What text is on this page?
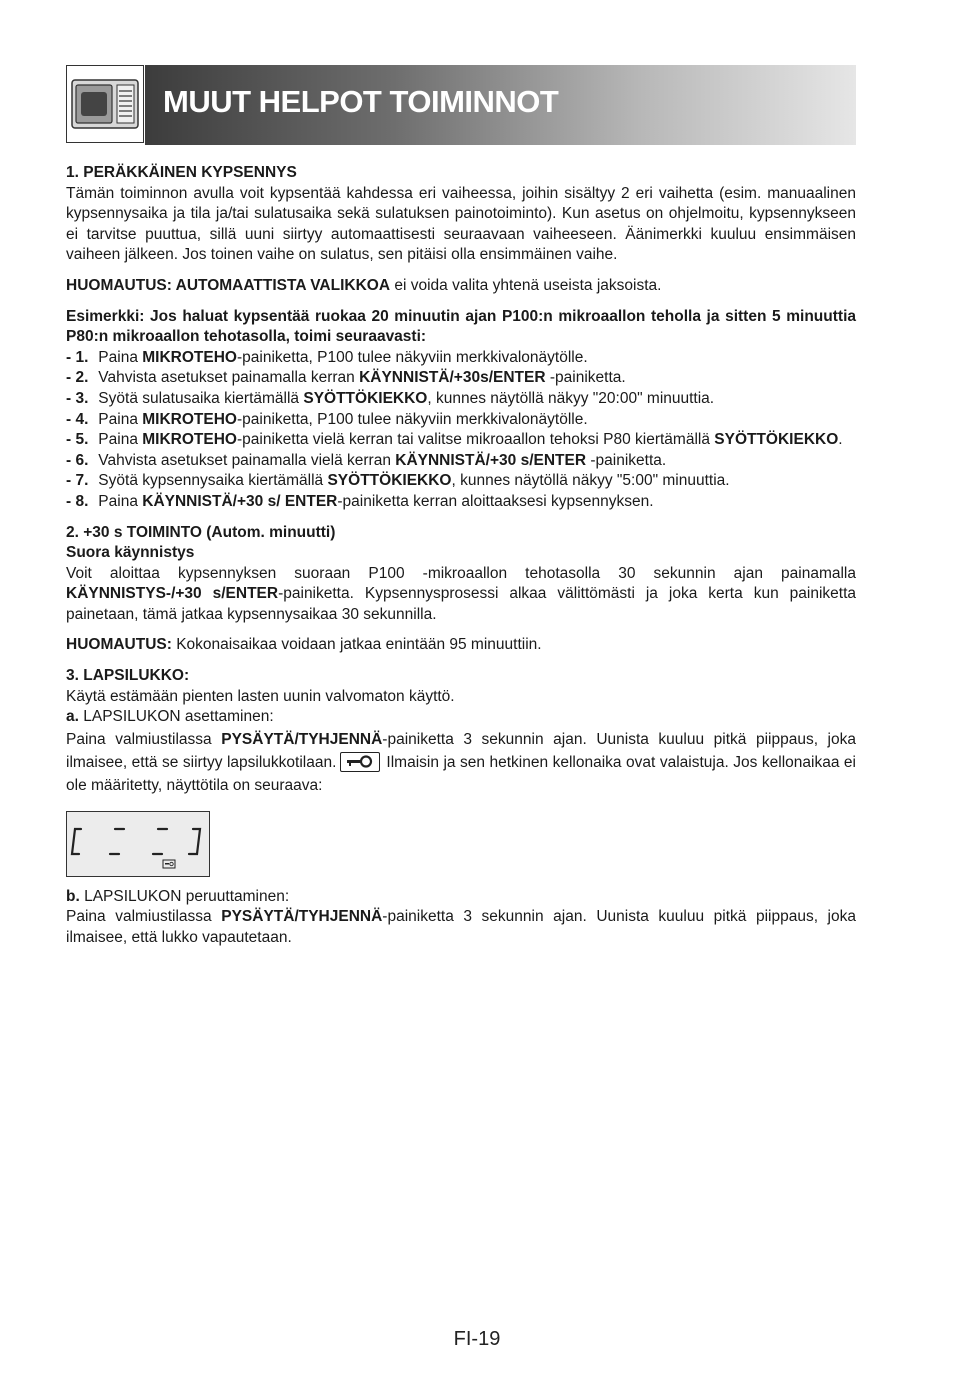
MUUT HELPOT TOIMINNOT

1. PERÄKKÄINEN KYPSENNYS

Tämän toiminnon avulla voit kypsentää kahdessa eri vaiheessa, joihin sisältyy 2 eri vaihetta (esim. manuaalinen kypsennysaika ja tila ja/tai sulatusaika sekä sulatuksen painotoiminto). Kun asetus on ohjelmoitu, kypsennykseen ei tarvitse puuttua, sillä uuni siirtyy automaattisesti seuraavaan vaiheeseen. Äänimerkki kuuluu ensimmäisen vaiheen jälkeen. Jos toinen vaihe on sulatus, sen pitäisi olla ensimmäinen vaihe.

HUOMAUTUS: AUTOMAATTISTA VALIKKOA ei voida valita yhtenä useista jaksoista.

Esimerkki: Jos haluat kypsentää ruokaa 20 minuutin ajan P100:n mikroaallon teholla ja sitten 5 minuuttia P80:n mikroaallon tehotasolla, toimi seuraavasti:

- 1. Paina MIKROTEHO-painiketta, P100 tulee näkyviin merkkivalonäytölle.

- 2. Vahvista asetukset painamalla kerran KÄYNNISTÄ/+30s/ENTER -painiketta.

- 3. Syötä sulatusaika kiertämällä SYÖTTÖKIEKKO, kunnes näytöllä näkyy "20:00" minuuttia.

- 4. Paina MIKROTEHO-painiketta, P100 tulee näkyviin merkkivalonäytölle.

- 5. Paina MIKROTEHO-painiketta vielä kerran tai valitse mikroaallon tehoksi P80 kiertämällä SYÖTTÖKIEKKO.

- 6. Vahvista asetukset painamalla vielä kerran KÄYNNISTÄ/+30 s/ENTER -painiketta.

- 7. Syötä kypsennysaika kiertämällä SYÖTTÖKIEKKO, kunnes näytöllä näkyy "5:00" minuuttia.

- 8. Paina KÄYNNISTÄ/+30 s/ ENTER-painiketta kerran aloittaaksesi kypsennyksen.

2. +30 s TOIMINTO (Autom. minuutti)

Suora käynnistys

Voit aloittaa kypsennyksen suoraan P100 -mikroaallon tehotasolla 30 sekunnin ajan painamalla KÄYNNISTYS-/+30 s/ENTER-painiketta. Kypsennysprosessi alkaa välittömästi ja joka kerta kun painiketta painetaan, tämä jatkaa kypsennysaikaa 30 sekunnilla.

HUOMAUTUS: Kokonaisaikaa voidaan jatkaa enintään 95 minuuttiin.

3. LAPSILUKKO:

Käytä estämään pienten lasten uunin valvomaton käyttö.

a. LAPSILUKON asettaminen:

Paina valmiustilassa PYSÄYTÄ/TYHJENNÄ-painiketta 3 sekunnin ajan. Uunista kuuluu pitkä piippaus, joka ilmaisee, että se siirtyy lapsilukkotilaan.	Ilmaisin ja sen hetkinen kellonaika ovat valaistuja. Jos kellonaikaa ei ole määritetty, näyttötila on seuraava:

b. LAPSILUKON peruuttaminen:

Paina valmiustilassa PYSÄYTÄ/TYHJENNÄ-painiketta 3 sekunnin ajan. Uunista kuuluu pitkä piippaus, joka ilmaisee, että lukko vapautetaan.

FI-19
